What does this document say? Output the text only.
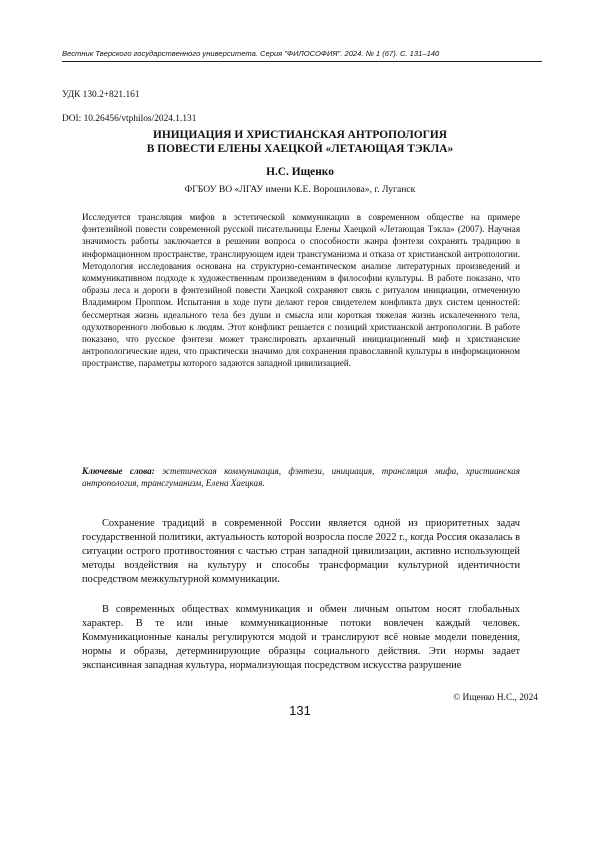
Вестник Тверского государственного университета. Серия "ФИЛОСОФИЯ". 2024. № 1 (67). С. 131–140
УДК 130.2+821.161
DOI: 10.26456/vtphilos/2024.1.131
ИНИЦИАЦИЯ И ХРИСТИАНСКАЯ АНТРОПОЛОГИЯ
В ПОВЕСТИ ЕЛЕНЫ ХАЕЦКОЙ «ЛЕТАЮЩАЯ ТЭКЛА»
Н.С. Ищенко
ФГБОУ ВО «ЛГАУ имени К.Е. Ворошилова», г. Луганск
Исследуется трансляция мифов в эстетической коммуникации в современном обществе на примере фэнтезийной повести современной русской писательницы Елены Хаецкой «Летающая Тэкла» (2007). Научная значимость работы заключается в решении вопроса о способности жанра фэнтези сохранять традицию в информационном пространстве, транслирующем идеи трансгуманизма и отказа от христианской антропологии. Методология исследования основана на структурно-семантическом анализе литературных произведений и коммуникативном подходе к художественным произведениям в философии культуры. В работе показано, что образы леса и дороги в фэнтезийной повести Хаецкой сохраняют связь с ритуалом инициации, отмеченную Владимиром Проппом. Испытания в ходе пути делают героя свидетелем конфликта двух систем ценностей: бессмертная жизнь идеального тела без души и смысла или короткая тяжелая жизнь искалеченного тела, одухотворенного любовью к людям. Этот конфликт решается с позиций христианской антропологии. В работе показано, что русское фэнтези может транслировать архаичный инициационный миф и христианские антропологические идеи, что практически значимо для сохранения православной культуры в информационном пространстве, параметры которого задаются западной цивилизацией.
Ключевые слова: эстетическая коммуникация, фэнтези, инициация, трансляция мифа, христианская антропология, трансгуманизм, Елена Хаецкая.
Сохранение традиций в современной России является одной из приоритетных задач государственной политики, актуальность которой возросла после 2022 г., когда Россия оказалась в ситуации острого противостояния с частью стран западной цивилизации, активно использующей методы воздействия на культуру и способы трансформации культурной идентичности посредством межкультурной коммуникации.
В современных обществах коммуникация и обмен личным опытом носят глобальных характер. В те или иные коммуникационные потоки вовлечен каждый человек. Коммуникационные каналы регулируются модой и транслируют всё новые модели поведения, нормы и образы, детерминирующие образцы социального действия. Эти нормы задает экспансивная западная культура, нормализующая посредством искусства разрушение
© Ищенко Н.С., 2024
131
